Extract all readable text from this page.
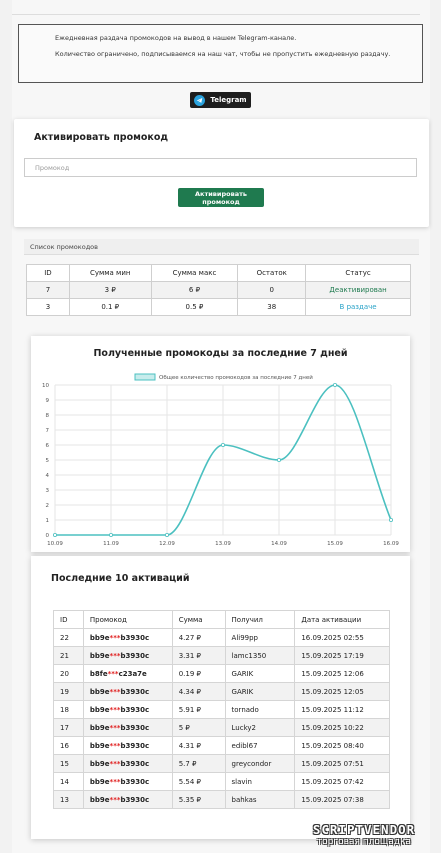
Ежедневная раздача промокодов на вывод в нашем Telegram-канале.

Количество ограничено, подписываемся на наш чат, чтобы не пропустить ежедневную раздачу.

Telegram
Активировать промокод
Промокод
Активировать промокод
Список промокодов
ID	Сумма мин	Сумма макс	Остаток	Статус
7	3 ₽	6 ₽	0	Деактивирован
3	0.1 ₽	0.5 ₽	38	В раздаче
Полученные промокоды за последние 7 дней
0
1
2
3
4
5
6
7
8
9
10
10.09	11.09	12.09	13.09	14.09	15.09	16.09
Общее количество промокодов за последние 7 дней
Последние 10 активаций
ID	Промокод	Сумма	Получил	Дата активации
22	bb9e***b3930c	4.27 ₽	Ali99pp	16.09.2025 02:55
21	bb9e***b3930c	3.31 ₽	lamc1350	15.09.2025 17:19
20	b8fe***c23a7e	0.19 ₽	GARIK	15.09.2025 12:06
19	bb9e***b3930c	4.34 ₽	GARIK	15.09.2025 12:05
18	bb9e***b3930c	5.91 ₽	tornado	15.09.2025 11:12
17	bb9e***b3930c	5 ₽	Lucky2	15.09.2025 10:22
16	bb9e***b3930c	4.31 ₽	edibl67	15.09.2025 08:40
15	bb9e***b3930c	5.7 ₽	greycondor	15.09.2025 07:51
14	bb9e***b3930c	5.54 ₽	slavin	15.09.2025 07:42
13	bb9e***b3930c	5.35 ₽	bahkas	15.09.2025 07:38
SCRIPTVENDOR
торговая площадка
